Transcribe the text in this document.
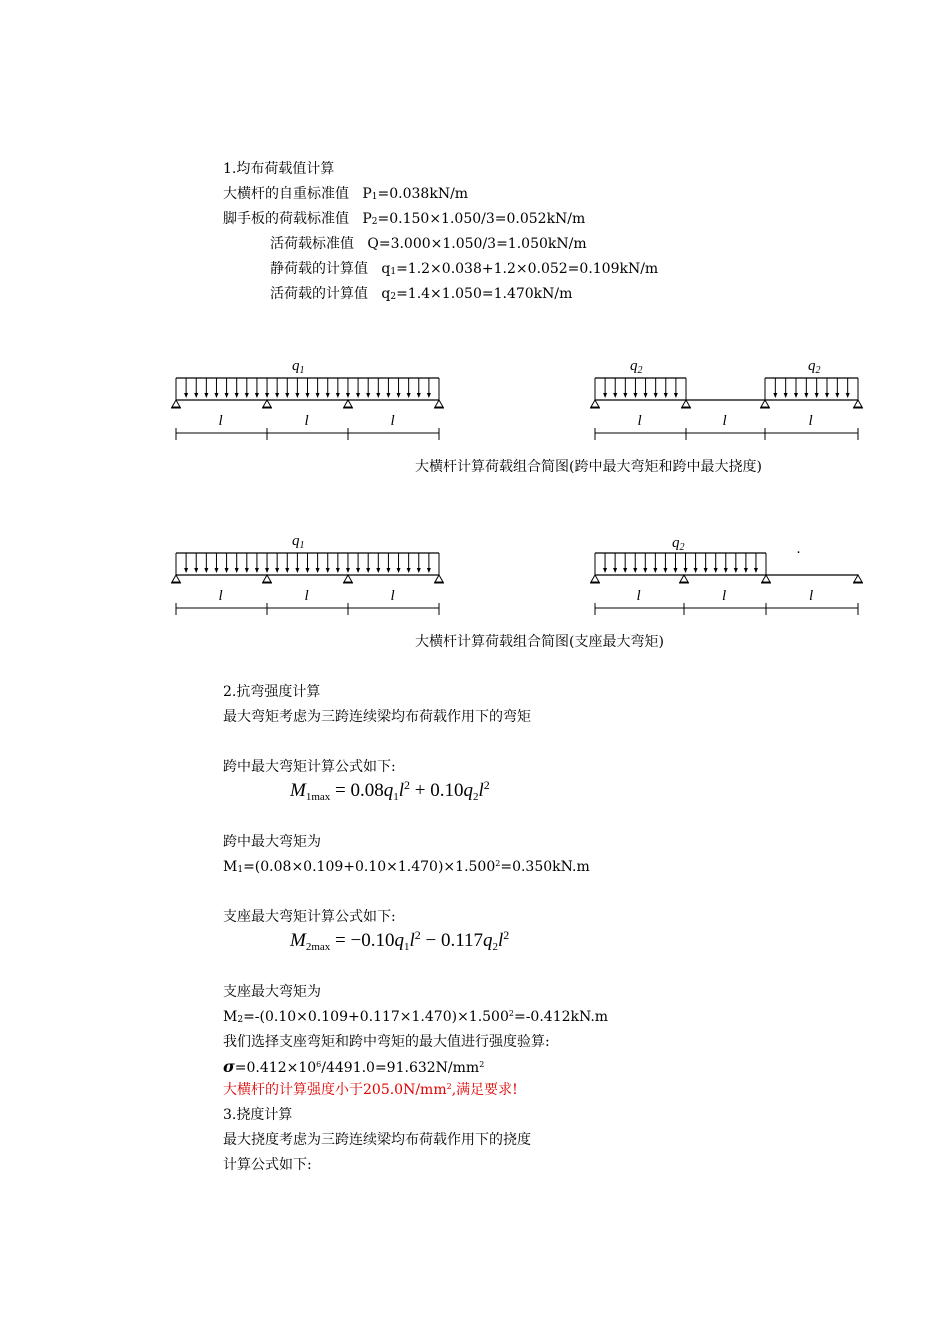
1.均布荷载值计算
大横杆的自重标准值 $P_1=0.038kN/m$
脚手板的荷载标准值 $P_2=0.150\times 1.050/3=0.052kN/m$
活荷载标准值 Q=3.000×1.050/3=1.050kN/m
静荷载的计算值 $q_1=1.2\times 0.038+1.2\times 0.052=0.109kN/m$
活荷载的计算值 $q_2=1.4\times 1.050=1.470kN/m$
l	l	l
$q_1$
l	l	l
$q_2$	$q_2$
大横杆计算荷载组合简图(跨中最大弯矩和跨中最大挠度)
l	l	l
$q_1$
l	l	l
$q_2$	.
大横杆计算荷载组合简图(支座最大弯矩)
2.抗弯强度计算
最大弯矩考虑为三跨连续梁均布荷载作用下的弯矩
跨中最大弯矩计算公式如下:
$M_{1max} = 0.08q_1l^2 + 0.10q_2l^2$
跨中最大弯矩为
$M_1=(0.08\times 0.109+0.10\times 1.470)\times 1.500^2=0.350kN.m$
支座最大弯矩计算公式如下:
$M_{2max} = -0.10q_1l^2 - 0.117q_2l^2$
支座最大弯矩为
$M_2=-(0.10\times 0.109+0.117\times 1.470)\times 1.500^2=-0.412kN.m$
我们选择支座弯矩和跨中弯矩的最大值进行强度验算:
$\sigma=0.412\times 10^6/4491.0=91.632N/mm^2$
大横杆的计算强度小于$205.0N/mm^2$,满足要求!
3.挠度计算
最大挠度考虑为三跨连续梁均布荷载作用下的挠度
计算公式如下:
